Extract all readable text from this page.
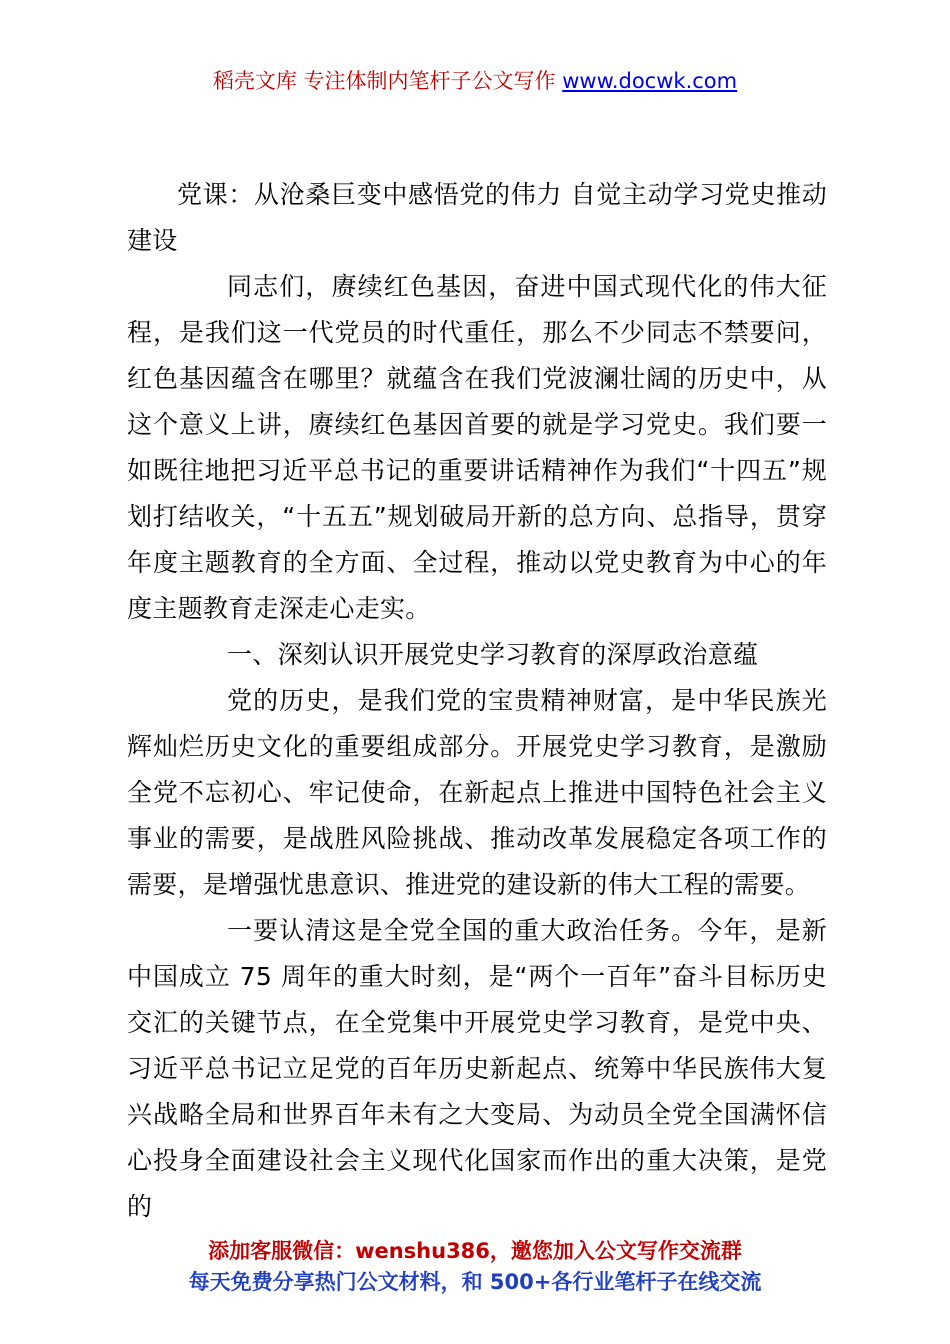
稻壳文库 专注体制内笔杆子公文写作 www.docwk.com

党课：从沧桑巨变中感悟党的伟力 自觉主动学习党史推动建设

同志们，赓续红色基因，奋进中国式现代化的伟大征程，是我们这一代党员的时代重任，那么不少同志不禁要问，红色基因蕴含在哪里？就蕴含在我们党波澜壮阔的历史中，从这个意义上讲，赓续红色基因首要的就是学习党史。我们要一如既往地把习近平总书记的重要讲话精神作为我们“十四五”规划打结收关，“十五五”规划破局开新的总方向、总指导，贯穿年度主题教育的全方面、全过程，推动以党史教育为中心的年度主题教育走深走心走实。

一、深刻认识开展党史学习教育的深厚政治意蕴

党的历史，是我们党的宝贵精神财富，是中华民族光辉灿烂历史文化的重要组成部分。开展党史学习教育，是激励全党不忘初心、牢记使命，在新起点上推进中国特色社会主义事业的需要，是战胜风险挑战、推动改革发展稳定各项工作的需要，是增强忧患意识、推进党的建设新的伟大工程的需要。

一要认清这是全党全国的重大政治任务。今年，是新中国成立 75 周年的重大时刻，是“两个一百年”奋斗目标历史交汇的关键节点，在全党集中开展党史学习教育，是党中央、习近平总书记立足党的百年历史新起点、统筹中华民族伟大复兴战略全局和世界百年未有之大变局、为动员全党全国满怀信心投身全面建设社会主义现代化国家而作出的重大决策，是党的

添加客服微信：wenshu386，邀您加入公文写作交流群
每天免费分享热门公文材料，和 500+各行业笔杆子在线交流
